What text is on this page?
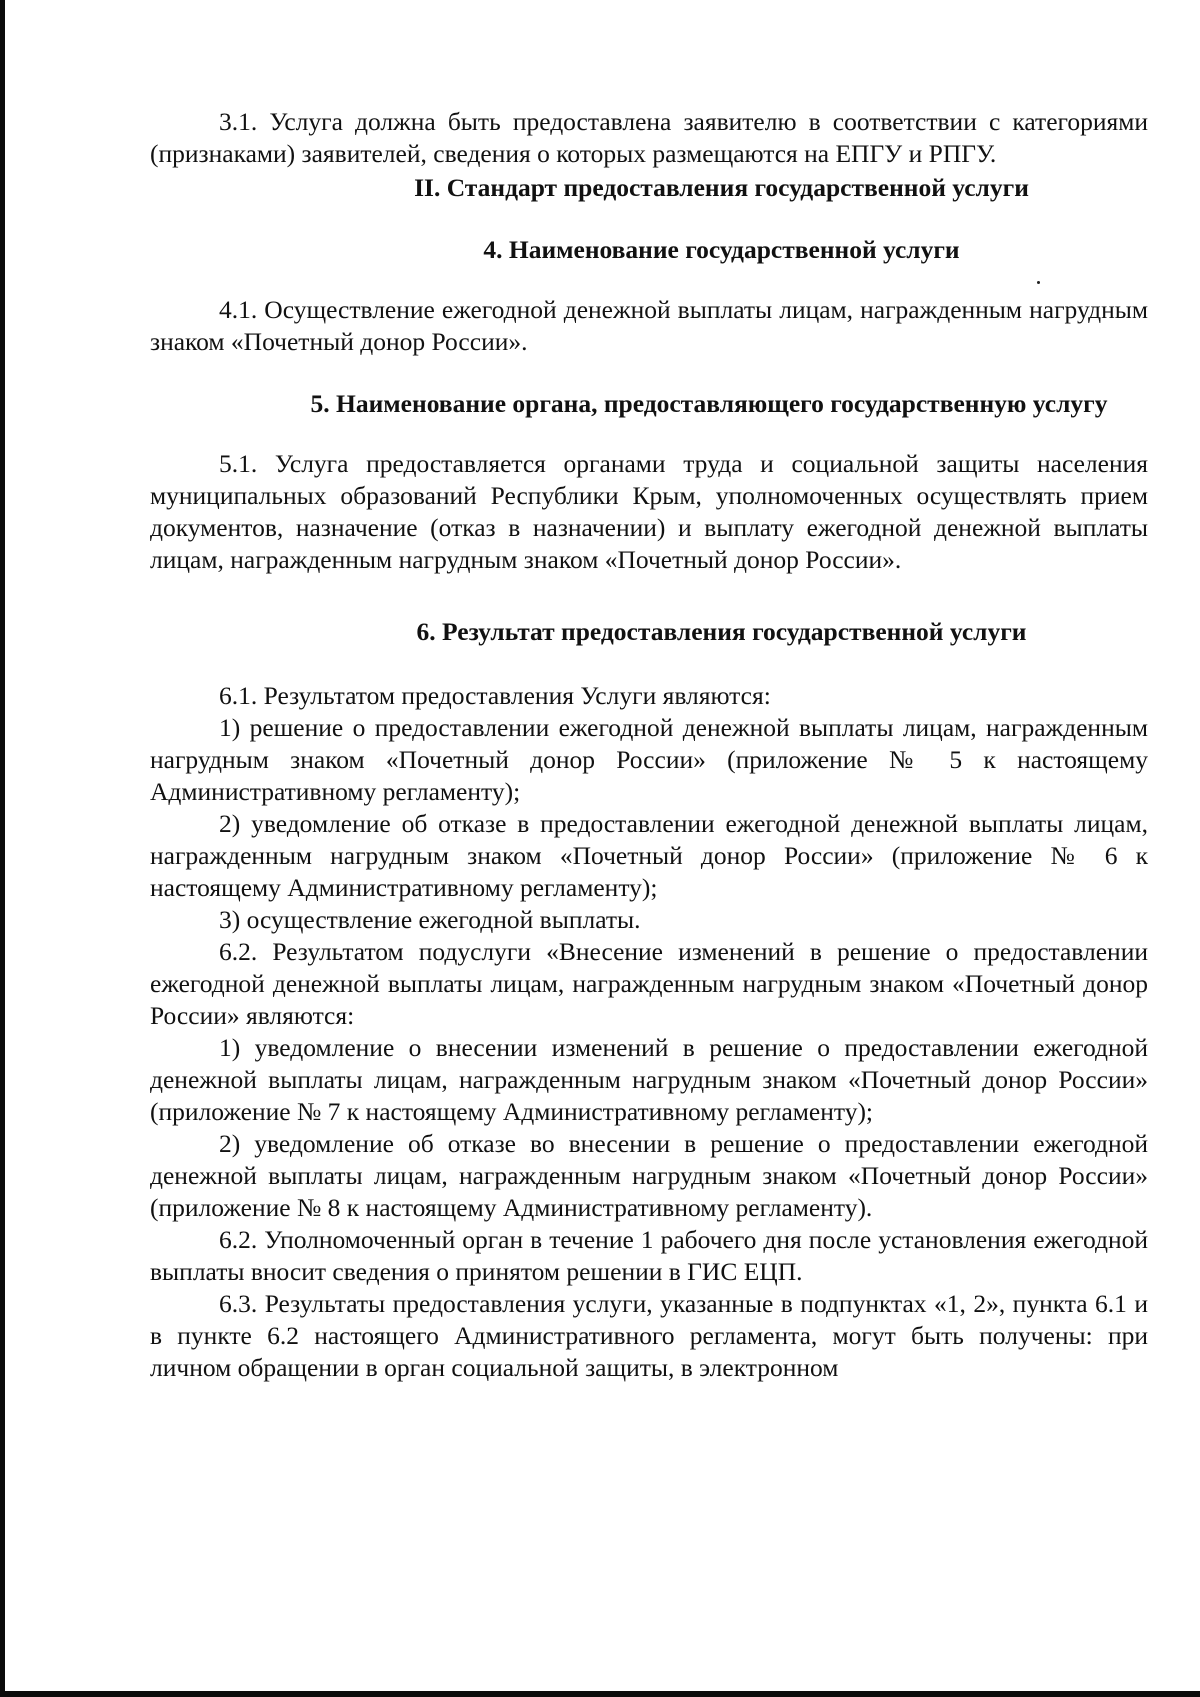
3.1. Услуга должна быть предоставлена заявителю в соответствии с категориями (признаками) заявителей, сведения о которых размещаются на ЕПГУ и РПГУ.

II. Стандарт предоставления государственной услуги
4. Наименование государственной услуги

4.1. Осуществление ежегодной денежной выплаты лицам, награжденным нагрудным знаком «Почетный донор России».

5. Наименование органа, предоставляющего государственную услугу

5.1. Услуга предоставляется органами труда и социальной защиты населения муниципальных образований Республики Крым, уполномоченных осуществлять прием документов, назначение (отказ в назначении) и выплату ежегодной денежной выплаты лицам, награжденным нагрудным знаком «Почетный донор России».

6. Результат предоставления государственной услуги

6.1. Результатом предоставления Услуги являются:

1) решение о предоставлении ежегодной денежной выплаты лицам, награжденным нагрудным знаком «Почетный донор России» (приложение № 5 к настоящему Административному регламенту);

2) уведомление об отказе в предоставлении ежегодной денежной выплаты лицам, награжденным нагрудным знаком «Почетный донор России» (приложение № 6 к настоящему Административному регламенту);

3) осуществление ежегодной выплаты.

6.2. Результатом подуслуги «Внесение изменений в решение о предоставлении ежегодной денежной выплаты лицам, награжденным нагрудным знаком «Почетный донор России» являются:

1) уведомление о внесении изменений в решение о предоставлении ежегодной денежной выплаты лицам, награжденным нагрудным знаком «Почетный донор России» (приложение № 7 к настоящему Административному регламенту);

2) уведомление об отказе во внесении в решение о предоставлении ежегодной денежной выплаты лицам, награжденным нагрудным знаком «Почетный донор России» (приложение № 8 к настоящему Административному регламенту).

6.2. Уполномоченный орган в течение 1 рабочего дня после установления ежегодной выплаты вносит сведения о принятом решении в ГИС ЕЦП.

6.3. Результаты предоставления услуги, указанные в подпунктах «1, 2», пункта 6.1 и в пункте 6.2 настоящего Административного регламента, могут быть получены: при личном обращении в орган социальной защиты, в электронном
